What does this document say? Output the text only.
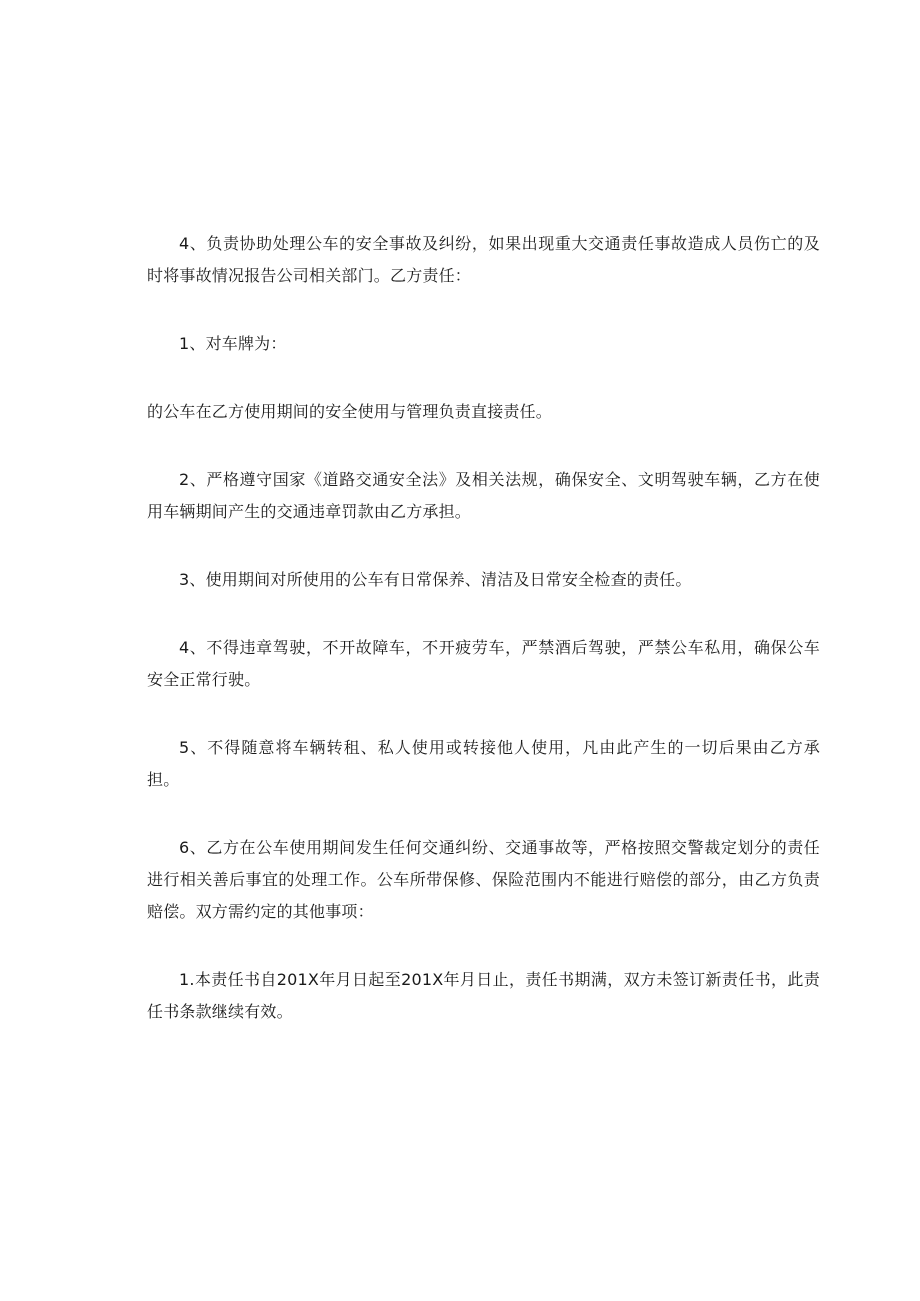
4、负责协助处理公车的安全事故及纠纷，如果出现重大交通责任事故造成人员伤亡的及时将事故情况报告公司相关部门。乙方责任：

1、对车牌为：

的公车在乙方使用期间的安全使用与管理负责直接责任。

2、严格遵守国家《道路交通安全法》及相关法规，确保安全、文明驾驶车辆，乙方在使用车辆期间产生的交通违章罚款由乙方承担。

3、使用期间对所使用的公车有日常保养、清洁及日常安全检查的责任。

4、不得违章驾驶，不开故障车，不开疲劳车，严禁酒后驾驶，严禁公车私用，确保公车安全正常行驶。

5、不得随意将车辆转租、私人使用或转接他人使用，凡由此产生的一切后果由乙方承担。

6、乙方在公车使用期间发生任何交通纠纷、交通事故等，严格按照交警裁定划分的责任进行相关善后事宜的处理工作。公车所带保修、保险范围内不能进行赔偿的部分，由乙方负责赔偿。双方需约定的其他事项：

1.本责任书自201X年月日起至201X年月日止，责任书期满，双方未签订新责任书，此责任书条款继续有效。
